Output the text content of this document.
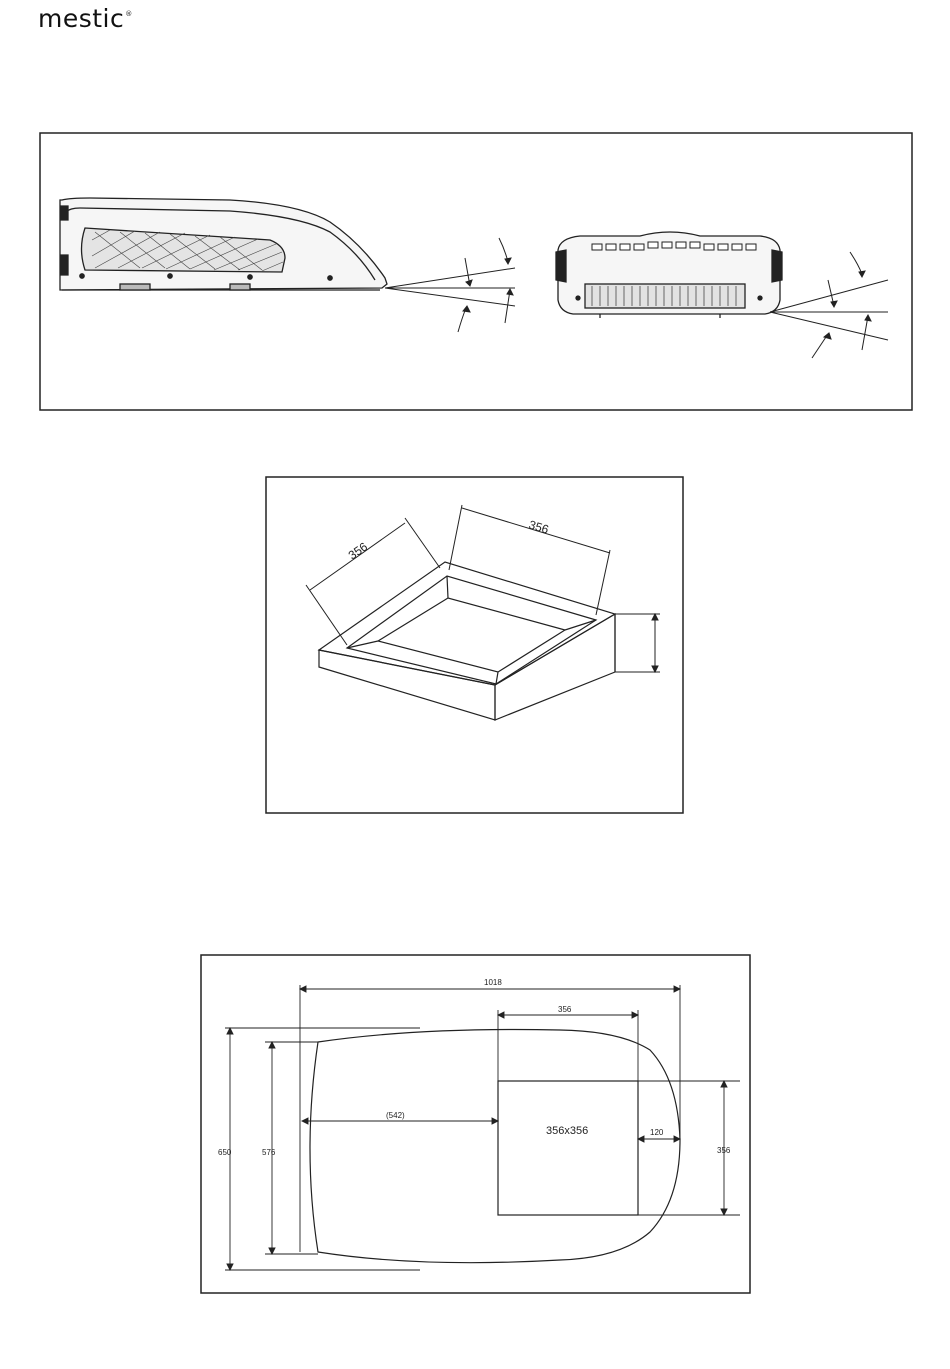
mestic®
356
356
1018
356
650	576
(542)
356x356	120
356
